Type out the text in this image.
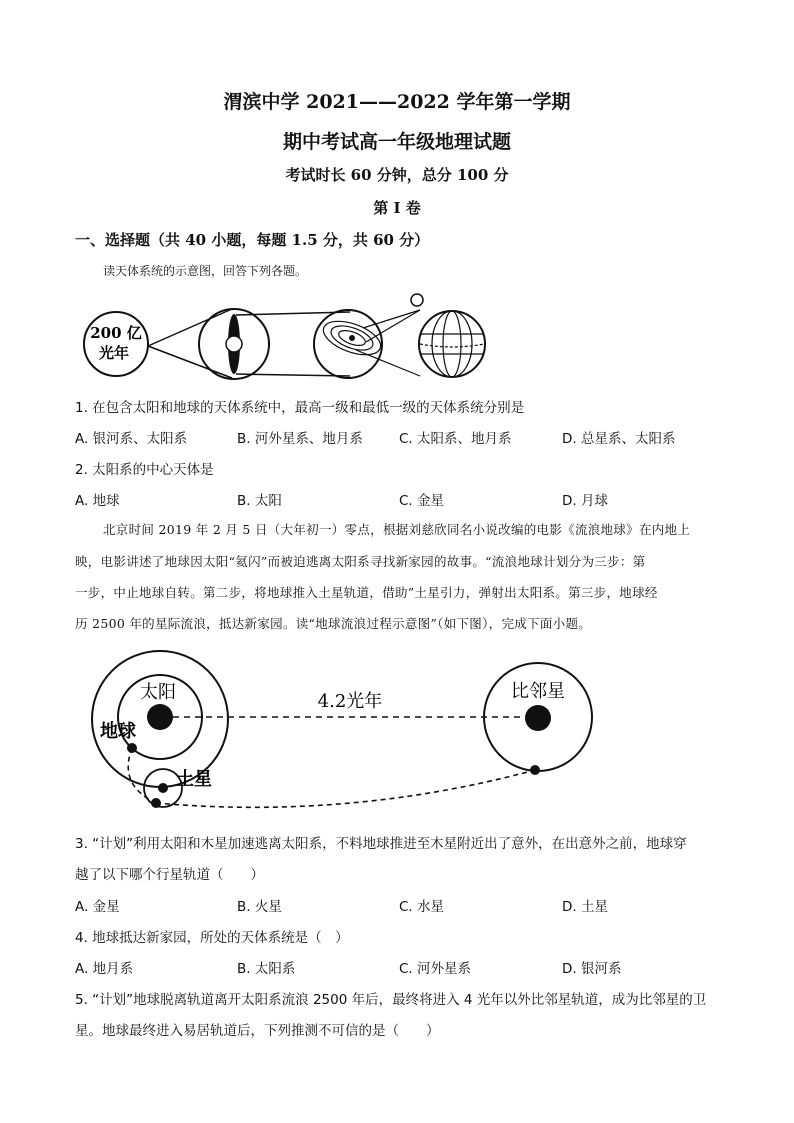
渭滨中学 2021——2022 学年第一学期
期中考试高一年级地理试题
考试时长 60 分钟，总分 100 分
第 I 卷
一、选择题（共 40 小题，每题 1.5 分，共 60 分）
读天体系统的示意图，回答下列各题。
200 亿
光年
1. 在包含太阳和地球的天体系统中，最高一级和最低一级的天体系统分别是
A. 银河系、太阳系	B. 河外星系、地月系	C. 太阳系、地月系	D. 总星系、太阳系
2. 太阳系的中心天体是
A. 地球	B. 太阳	C. 金星	D. 月球
北京时间 2019 年 2 月 5 日（大年初一）零点，根据刘慈欣同名小说改编的电影《流浪地球》在内地上
映，电影讲述了地球因太阳“氦闪”而被迫逃离太阳系寻找新家园的故事。“流浪地球计划分为三步：第
一步，中止地球自转。第二步，将地球推入土星轨道，借助”土星引力，弹射出太阳系。第三步，地球经
历 2500 年的星际流浪，抵达新家园。读“地球流浪过程示意图”（如下图），完成下面小题。
太阳
地球
土星
4.2光年	比邻星
3. “计划”利用太阳和木星加速逃离太阳系，不料地球推进至木星附近出了意外，在出意外之前，地球穿
越了以下哪个行星轨道（　　）
A. 金星	B. 火星	C. 水星	D. 土星
4. 地球抵达新家园，所处的天体系统是（　）
A. 地月系	B. 太阳系	C. 河外星系	D. 银河系
5. “计划”地球脱离轨道离开太阳系流浪 2500 年后，最终将进入 4 光年以外比邻星轨道，成为比邻星的卫
星。地球最终进入易居轨道后，下列推测不可信的是（　　）
